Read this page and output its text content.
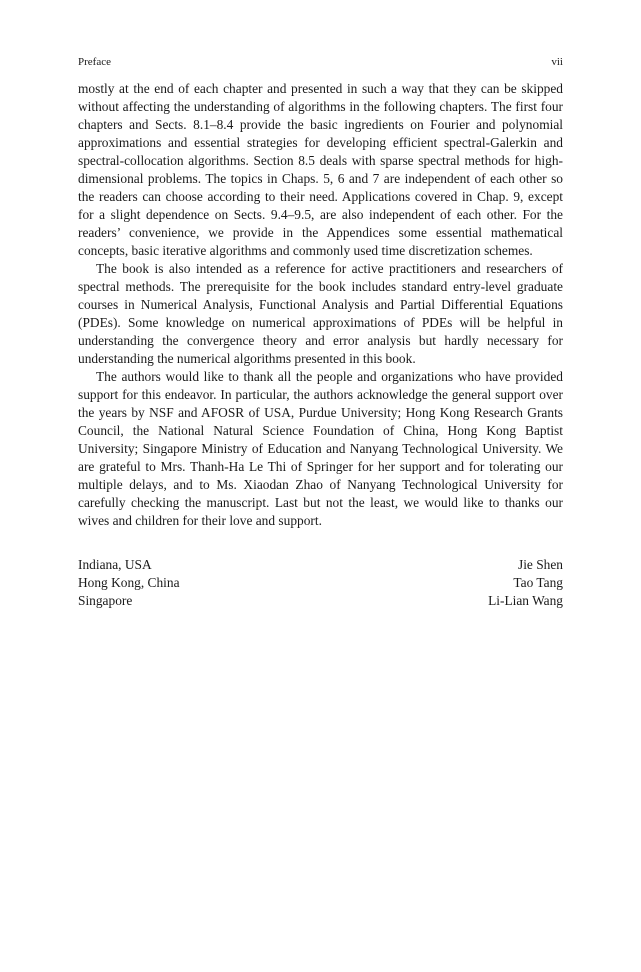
Preface	vii

mostly at the end of each chapter and presented in such a way that they can be skipped without affecting the understanding of algorithms in the following chapters. The first four chapters and Sects. 8.1–8.4 provide the basic ingredients on Fourier and polynomial approximations and essential strategies for developing efficient spectral-Galerkin and spectral-collocation algorithms. Section 8.5 deals with sparse spectral methods for high-dimensional problems. The topics in Chaps. 5, 6 and 7 are independent of each other so the readers can choose according to their need. Applications covered in Chap. 9, except for a slight dependence on Sects. 9.4–9.5, are also independent of each other. For the readers’ convenience, we provide in the Appendices some essential mathematical concepts, basic iterative algorithms and commonly used time discretization schemes.

The book is also intended as a reference for active practitioners and researchers of spectral methods. The prerequisite for the book includes standard entry-level graduate courses in Numerical Analysis, Functional Analysis and Partial Differential Equations (PDEs). Some knowledge on numerical approximations of PDEs will be helpful in understanding the convergence theory and error analysis but hardly necessary for understanding the numerical algorithms presented in this book.

The authors would like to thank all the people and organizations who have provided support for this endeavor. In particular, the authors acknowledge the general support over the years by NSF and AFOSR of USA, Purdue University; Hong Kong Research Grants Council, the National Natural Science Foundation of China, Hong Kong Baptist University; Singapore Ministry of Education and Nanyang Technological University. We are grateful to Mrs. Thanh-Ha Le Thi of Springer for her support and for tolerating our multiple delays, and to Ms. Xiaodan Zhao of Nanyang Technological University for carefully checking the manuscript. Last but not the least, we would like to thanks our wives and children for their love and support.

Indiana, USA	Jie Shen
Hong Kong, China	Tao Tang
Singapore	Li-Lian Wang
